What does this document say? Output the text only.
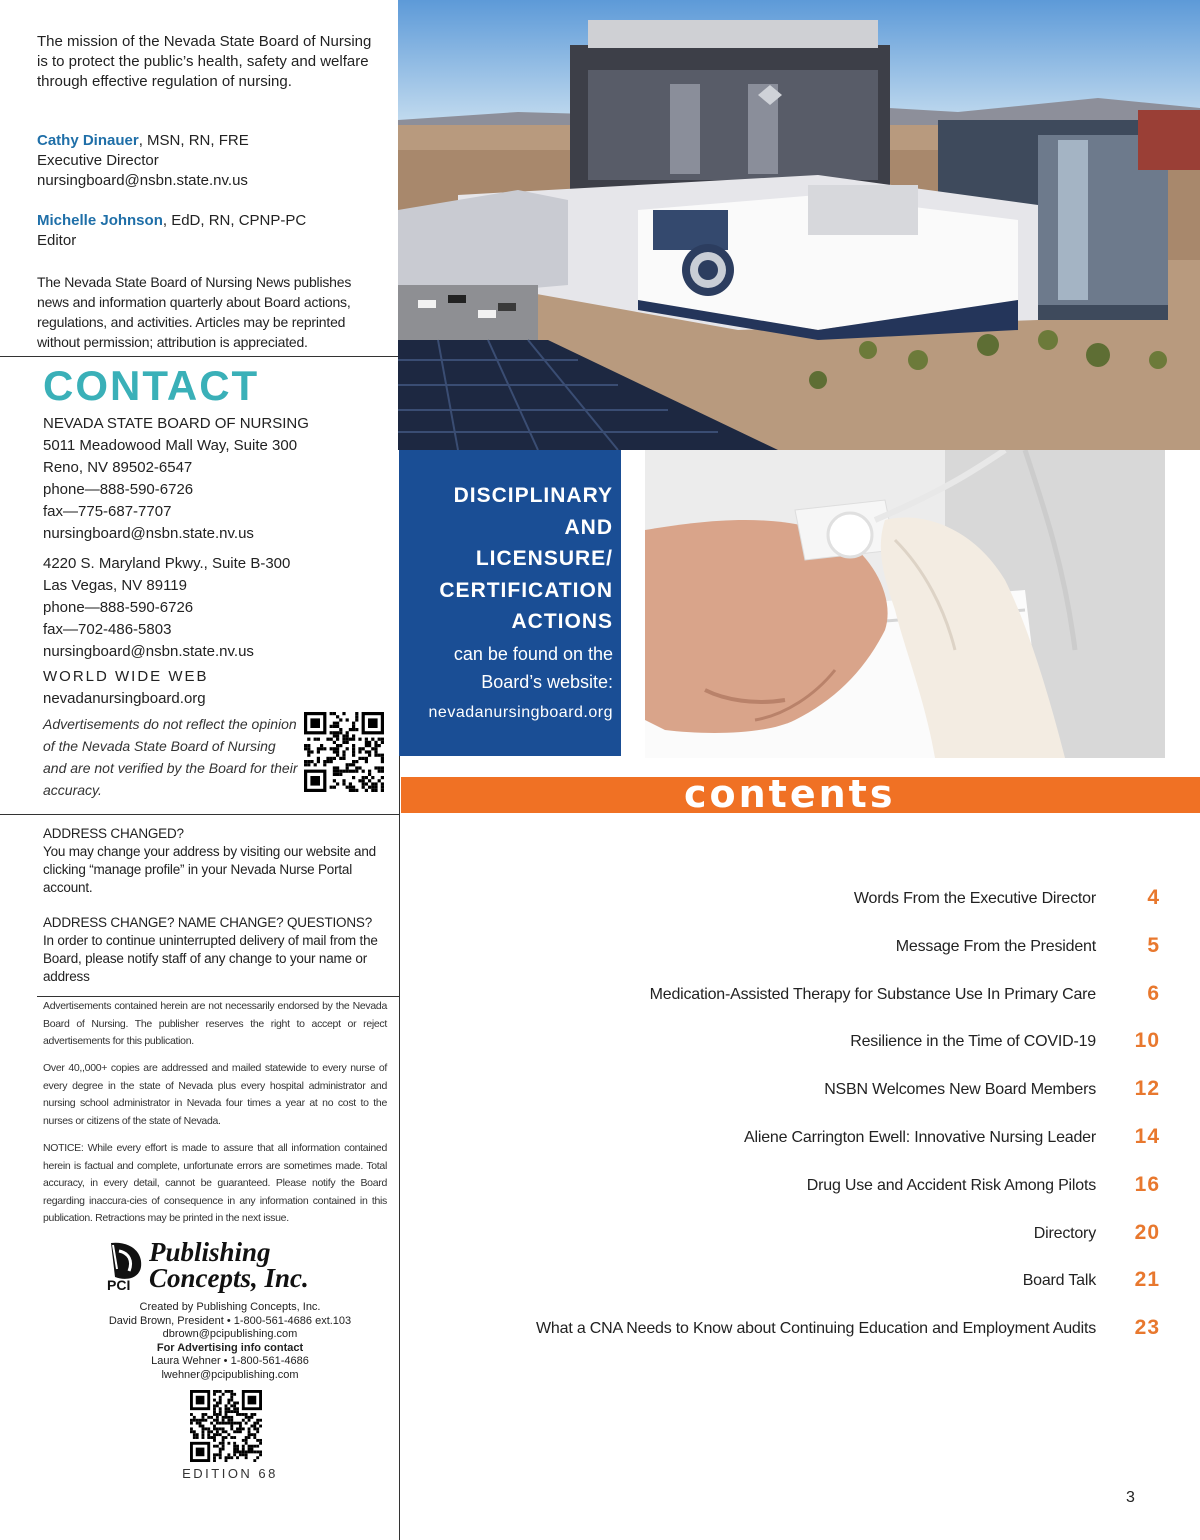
The mission of the Nevada State Board of Nursing is to protect the public’s health, safety and welfare through effective regulation of nursing.

Cathy Dinauer, MSN, RN, FRE
Executive Director
nursingboard@nsbn.state.nv.us
Michelle Johnson, EdD, RN, CPNP-PC
Editor

The Nevada State Board of Nursing News publishes news and information quarterly about Board actions, regulations, and activities. Articles may be reprinted without permission; attribution is appreciated.

CONTACT
NEVADA STATE BOARD OF NURSING
5011 Meadowood Mall Way, Suite 300
Reno, NV 89502-6547
phone—888-590-6726
fax—775-687-7707
nursingboard@nsbn.state.nv.us
4220 S. Maryland Pkwy., Suite B-300
Las Vegas, NV 89119
phone—888-590-6726
fax—702-486-5803
nursingboard@nsbn.state.nv.us
WORLD WIDE WEB
nevadanursingboard.org

Advertisements do not reflect the opinion of the Nevada State Board of Nursing and are not verified by the Board for their accuracy.

ADDRESS CHANGED?
You may change your address by visiting our website and clicking “manage profile” in your Nevada Nurse Portal account.
ADDRESS CHANGE? NAME CHANGE? QUESTIONS?
In order to continue uninterrupted delivery of mail from the Board, please notify staff of any change to your name or address

Advertisements contained herein are not necessarily endorsed by the Nevada Board of Nursing. The publisher reserves the right to accept or reject advertisements for this publication.

Over 40,,000+ copies are addressed and mailed statewide to every nurse of every degree in the state of Nevada plus every hospital administrator and nursing school administrator in Nevada four times a year at no cost to the nurses or citizens of the state of Nevada.

NOTICE: While every effort is made to assure that all information contained herein is factual and complete, unfortunate errors are sometimes made. Total accuracy, in every detail, cannot be guaranteed. Please notify the Board regarding inaccura-cies of consequence in any information contained in this publication. Retractions may be printed in the next issue.

PCI
Publishing
Concepts, Inc.
Created by Publishing Concepts, Inc.
David Brown, President • 1-800-561-4686 ext.103
dbrown@pcipublishing.com
For Advertising info contact
Laura Wehner • 1-800-561-4686
lwehner@pcipublishing.com
EDITION 68
DISCIPLINARY
AND
LICENSURE/
CERTIFICATION
ACTIONS
can be found on the
Board’s website:
nevadanursingboard.org
contents
Words From the Executive Director	4
Message From the President	5
Medication-Assisted Therapy for Substance Use In Primary Care	6
Resilience in the Time of COVID-19	10
NSBN Welcomes New Board Members	12
Aliene Carrington Ewell: Innovative Nursing Leader	14
Drug Use and Accident Risk Among Pilots	16
Directory	20
Board Talk	21
What a CNA Needs to Know about Continuing Education and Employment Audits	23
3
